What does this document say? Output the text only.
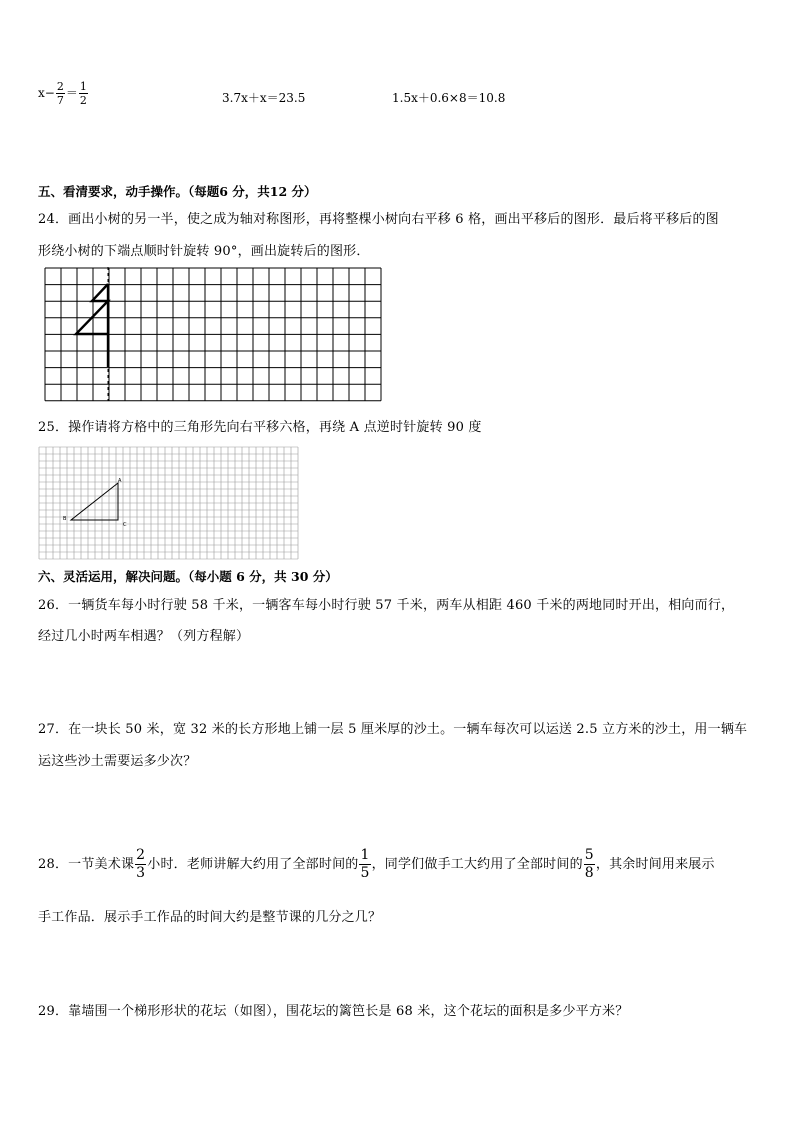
$x- \frac{2}{7} = \frac{1}{2}$	3.7x＋x＝23.5	1.5x＋0.6×8＝10.8
五、看清要求，动手操作。（每题6 分，共12 分）
24．画出小树的另一半，使之成为轴对称图形，再将整棵小树向右平移 6 格，画出平移后的图形．最后将平移后的图
形绕小树的下端点顺时针旋转 90°，画出旋转后的图形．
25．操作请将方格中的三角形先向右平移六格，再绕 A 点逆时针旋转 90 度
A
B
C
六、灵活运用，解决问题。（每小题 6 分，共 30 分）
26．一辆货车每小时行驶 58 千米，一辆客车每小时行驶 57 千米，两车从相距 460 千米的两地同时开出，相向而行，
经过几小时两车相遇？（列方程解）
27．在一块长 50 米，宽 32 米的长方形地上铺一层 5 厘米厚的沙土。一辆车每次可以运送 2.5 立方米的沙土，用一辆车
运这些沙土需要运多少次？
28．一节美术课 $\frac{2}{3}$ 小时．老师讲解大约用了全部时间的 $\frac{1}{5}$ ，同学们做手工大约用了全部时间的 $\frac{5}{8}$ ，其余时间用来展示
手工作品．展示手工作品的时间大约是整节课的几分之几？
29．靠墙围一个梯形形状的花坛（如图），围花坛的篱笆长是 68 米，这个花坛的面积是多少平方米？
